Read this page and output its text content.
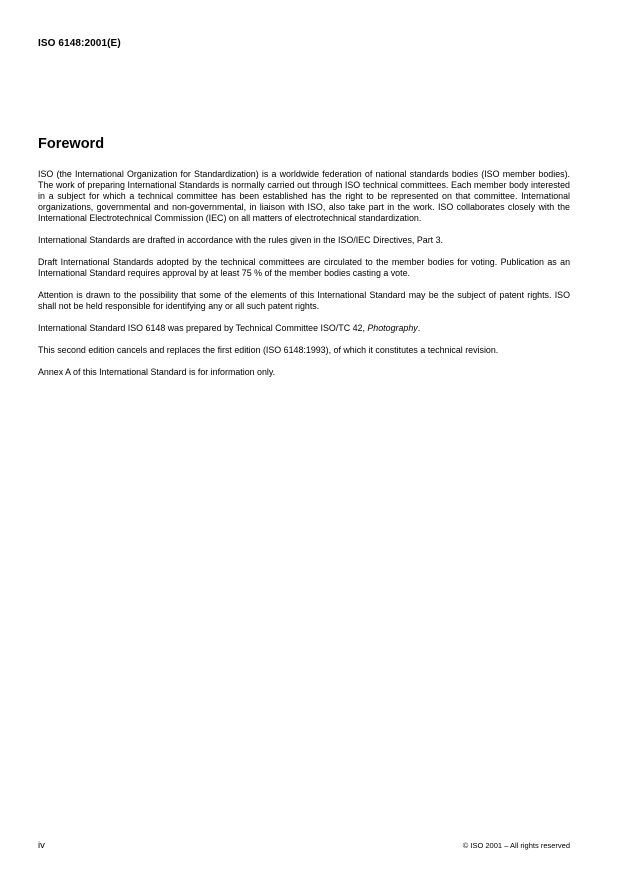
ISO 6148:2001(E)
Foreword

ISO (the International Organization for Standardization) is a worldwide federation of national standards bodies (ISO member bodies). The work of preparing International Standards is normally carried out through ISO technical committees. Each member body interested in a subject for which a technical committee has been established has the right to be represented on that committee. International organizations, governmental and non-governmental, in liaison with ISO, also take part in the work. ISO collaborates closely with the International Electrotechnical Commission (IEC) on all matters of electrotechnical standardization.

International Standards are drafted in accordance with the rules given in the ISO/IEC Directives, Part 3.

Draft International Standards adopted by the technical committees are circulated to the member bodies for voting. Publication as an International Standard requires approval by at least 75 % of the member bodies casting a vote.

Attention is drawn to the possibility that some of the elements of this International Standard may be the subject of patent rights. ISO shall not be held responsible for identifying any or all such patent rights.

International Standard ISO 6148 was prepared by Technical Committee ISO/TC 42, Photography.

This second edition cancels and replaces the first edition (ISO 6148:1993), of which it constitutes a technical revision.

Annex A of this International Standard is for information only.

iv	© ISO 2001 – All rights reserved
